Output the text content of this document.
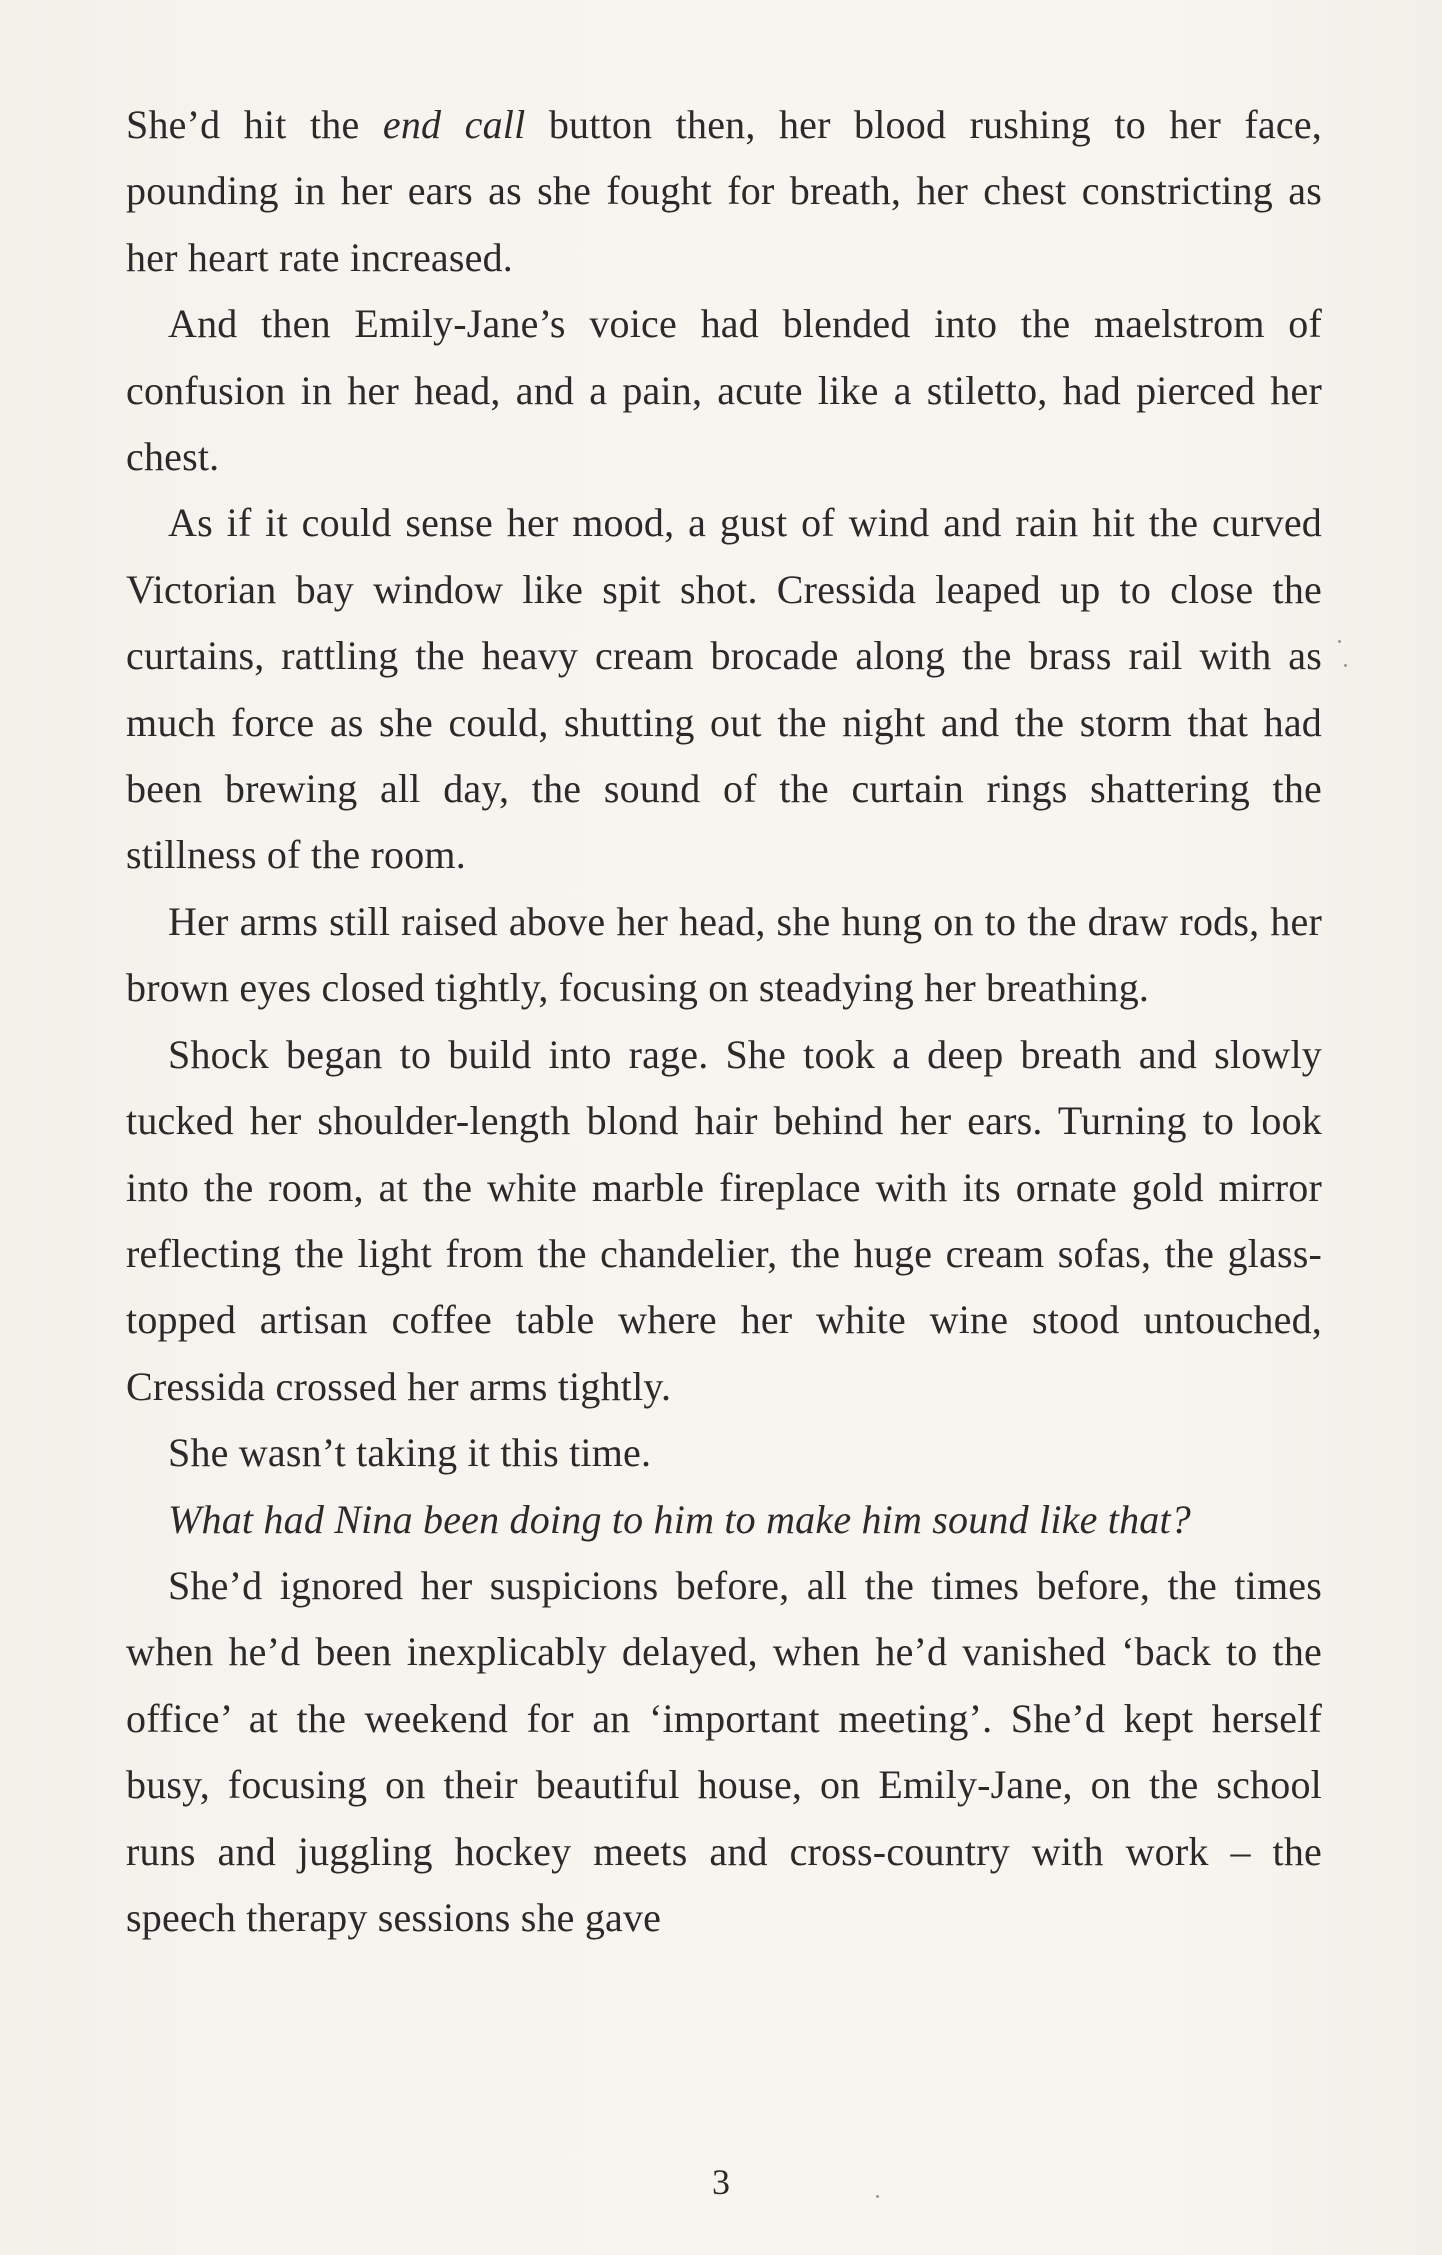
She’d hit the end call button then, her blood rushing to her face, pounding in her ears as she fought for breath, her chest constricting as her heart rate increased.

And then Emily-Jane’s voice had blended into the maelstrom of confusion in her head, and a pain, acute like a stiletto, had pierced her chest.

As if it could sense her mood, a gust of wind and rain hit the curved Victorian bay window like spit shot. Cressida leaped up to close the curtains, rattling the heavy cream brocade along the brass rail with as much force as she could, shutting out the night and the storm that had been brewing all day, the sound of the curtain rings shattering the stillness of the room.

Her arms still raised above her head, she hung on to the draw rods, her brown eyes closed tightly, focusing on steadying her breathing.

Shock began to build into rage. She took a deep breath and slowly tucked her shoulder-length blond hair behind her ears. Turning to look into the room, at the white marble fireplace with its ornate gold mirror reflecting the light from the chandelier, the huge cream sofas, the glass-topped artisan coffee table where her white wine stood untouched, Cressida crossed her arms tightly.

She wasn’t taking it this time.

What had Nina been doing to him to make him sound like that?

She’d ignored her suspicions before, all the times before, the times when he’d been inexplicably delayed, when he’d vanished ‘back to the office’ at the weekend for an ‘important meeting’. She’d kept herself busy, focusing on their beautiful house, on Emily-Jane, on the school runs and juggling hockey meets and cross-country with work – the speech therapy sessions she gave

3
